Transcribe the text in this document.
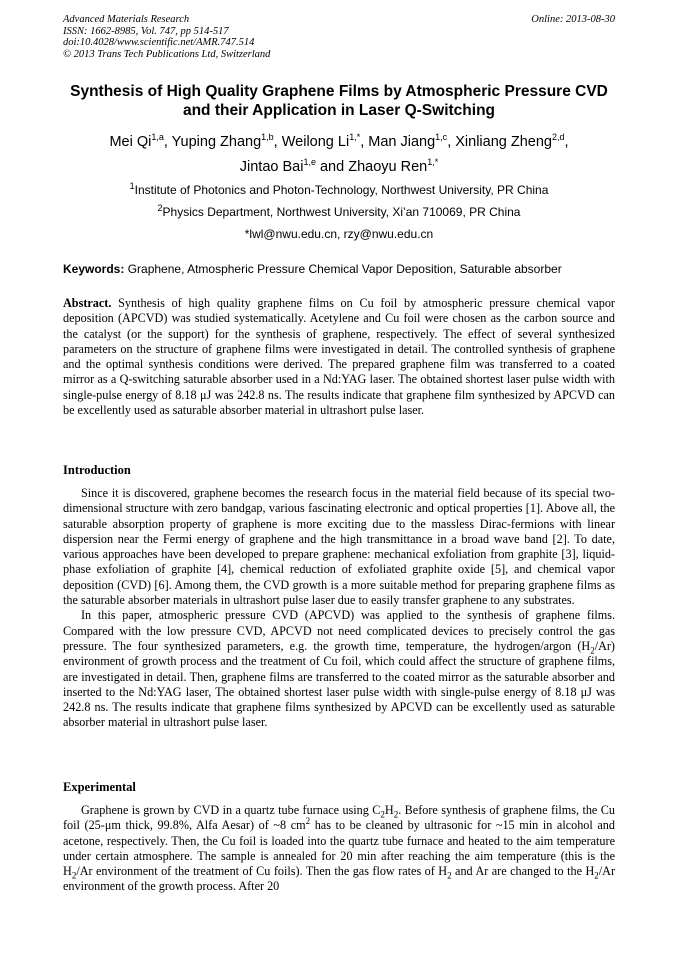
Advanced Materials Research
ISSN: 1662-8985, Vol. 747, pp 514-517
doi:10.4028/www.scientific.net/AMR.747.514
© 2013 Trans Tech Publications Ltd, Switzerland
Online: 2013-08-30
Synthesis of High Quality Graphene Films by Atmospheric Pressure CVD
and their Application in Laser Q-Switching
Mei Qi$^{1,a}$, Yuping Zhang$^{1,b}$, Weilong $Li^{1,*}$, Man Jiang$^{1,c}$, Xinliang Zheng$^{2,d}$,
Jintao Bai$^{1,e}$ and Zhaoyu Ren$^{1,*}$
$^1$Institute of Photonics and Photon-Technology, Northwest University, PR China
$^2$Physics Department, Northwest University, Xi’an 710069, PR China
*lwl@nwu.edu.cn, rzy@nwu.edu.cn
Keywords: Graphene, Atmospheric Pressure Chemical Vapor Deposition, Saturable absorber

Abstract. Synthesis of high quality graphene films on Cu foil by atmospheric pressure chemical vapor deposition (APCVD) was studied systematically. Acetylene and Cu foil were chosen as the carbon source and the catalyst (or the support) for the synthesis of graphene, respectively. The effect of several synthesized parameters on the structure of graphene films were investigated in detail. The controlled synthesis of graphene and the optimal synthesis conditions were derived. The prepared graphene film was transferred to a coated mirror as a Q-switching saturable absorber used in a Nd:YAG laser. The obtained shortest laser pulse width with single-pulse energy of 8.18 μJ was 242.8 ns. The results indicate that graphene film synthesized by APCVD can be excellently used as saturable absorber material in ultrashort pulse laser.

Introduction

Since it is discovered, graphene becomes the research focus in the material field because of its special two-dimensional structure with zero bandgap, various fascinating electronic and optical properties [1]. Above all, the saturable absorption property of graphene is more exciting due to the massless Dirac-fermions with linear dispersion near the Fermi energy of graphene and the high transmittance in a broad wave band [2]. To date, various approaches have been developed to prepare graphene: mechanical exfoliation from graphite [3], liquid-phase exfoliation of graphite [4], chemical reduction of exfoliated graphite oxide [5], and chemical vapor deposition (CVD) [6]. Among them, the CVD growth is a more suitable method for preparing graphene films as the saturable absorber materials in ultrashort pulse laser due to easily transfer graphene to any substrates.

In this paper, atmospheric pressure CVD (APCVD) was applied to the synthesis of graphene films. Compared with the low pressure CVD, APCVD not need complicated devices to precisely control the gas pressure. The four synthesized parameters, e.g. the growth time, temperature, the hydrogen/argon $(H_2/Ar)$ environment of growth process and the treatment of Cu foil, which could affect the structure of graphene films, are investigated in detail. Then, graphene films are transferred to the coated mirror as the saturable absorber and inserted to the Nd:YAG laser, The obtained shortest laser pulse width with single-pulse energy of 8.18 μJ was 242.8 ns. The results indicate that graphene films synthesized by APCVD can be excellently used as saturable absorber material in ultrashort pulse laser.

Experimental

Graphene is grown by CVD in a quartz tube furnace using $C_2H_2$. Before synthesis of graphene films, the Cu foil (25-μm thick, 99.8%, Alfa Aesar) of ~8 $cm^2$ has to be cleaned by ultrasonic for ~15 min in alcohol and acetone, respectively. Then, the Cu foil is loaded into the quartz tube furnace and heated to the aim temperature under certain atmosphere. The sample is annealed for 20 min after reaching the aim temperature (this is the $H_2/Ar$ environment of the treatment of Cu foils). Then the gas flow rates of $H_2$ and Ar are changed to the $H_2/Ar$ environment of the growth process. After 20
